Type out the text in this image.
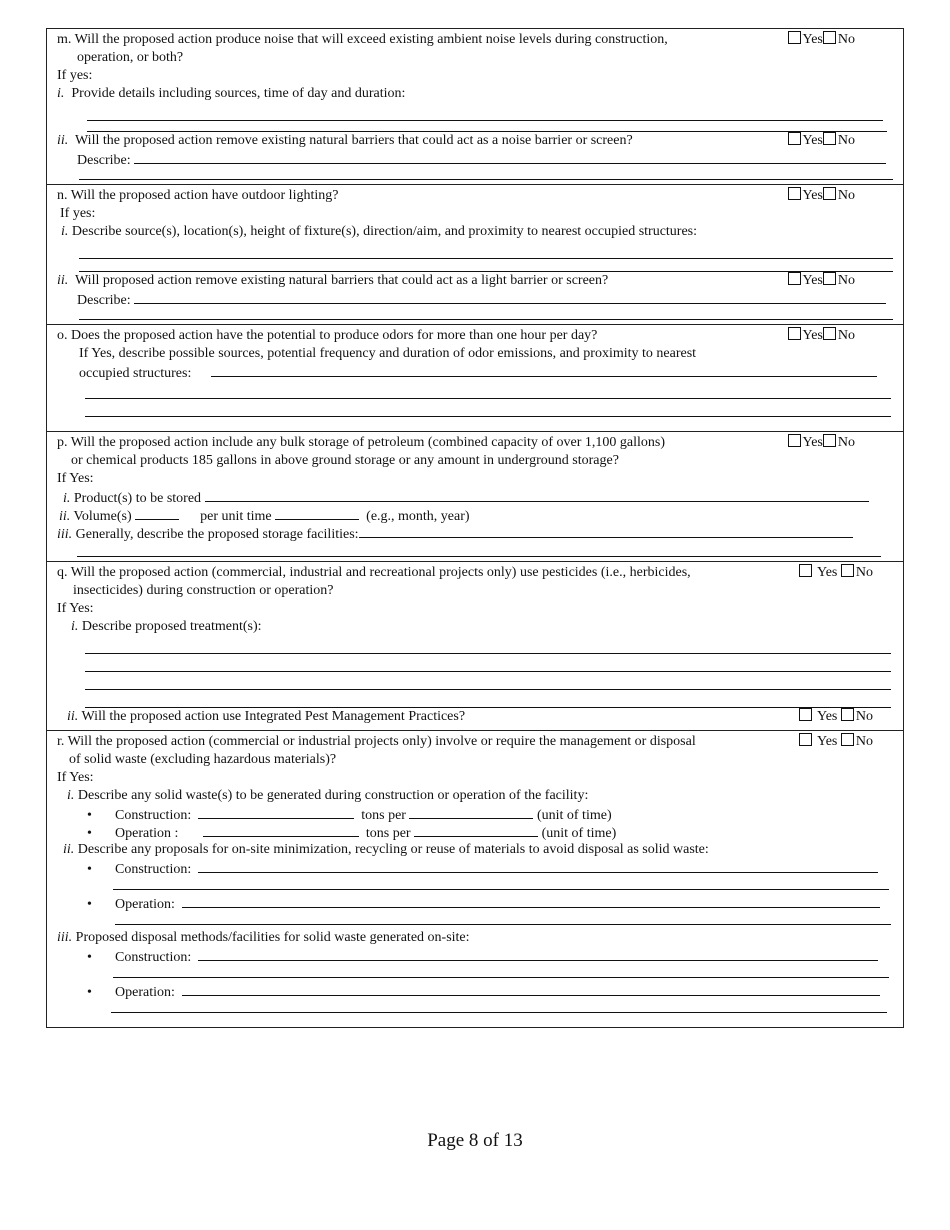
m. Will the proposed action produce noise that will exceed existing ambient noise levels during construction,	Yes No
operation, or both?
If yes:
i. Provide details including sources, time of day and duration:
ii. Will the proposed action remove existing natural barriers that could act as a noise barrier or screen?	Yes No
Describe:
n. Will the proposed action have outdoor lighting?	Yes No
If yes:
i. Describe source(s), location(s), height of fixture(s), direction/aim, and proximity to nearest occupied structures:
ii. Will proposed action remove existing natural barriers that could act as a light barrier or screen?	Yes No
Describe:
o. Does the proposed action have the potential to produce odors for more than one hour per day?	Yes No
If Yes, describe possible sources, potential frequency and duration of odor emissions, and proximity to nearest
occupied structures:
p. Will the proposed action include any bulk storage of petroleum (combined capacity of over 1,100 gallons)	Yes No
or chemical products 185 gallons in above ground storage or any amount in underground storage?
If Yes:
i. Product(s) to be stored
ii. Volume(s)	per unit time	(e.g., month, year)
iii. Generally, describe the proposed storage facilities:
q. Will the proposed action (commercial, industrial and recreational projects only) use pesticides (i.e., herbicides,	Yes No
insecticides) during construction or operation?
If Yes:
i. Describe proposed treatment(s):
ii. Will the proposed action use Integrated Pest Management Practices?	Yes No
r. Will the proposed action (commercial or industrial projects only) involve or require the management or disposal	Yes No
of solid waste (excluding hazardous materials)?
If Yes:
i. Describe any solid waste(s) to be generated during construction or operation of the facility:
• Construction:	tons per	(unit of time)
• Operation :	tons per	(unit of time)
ii. Describe any proposals for on-site minimization, recycling or reuse of materials to avoid disposal as solid waste:
• Construction:
• Operation:
iii. Proposed disposal methods/facilities for solid waste generated on-site:
• Construction:
• Operation:
Page 8 of 13
